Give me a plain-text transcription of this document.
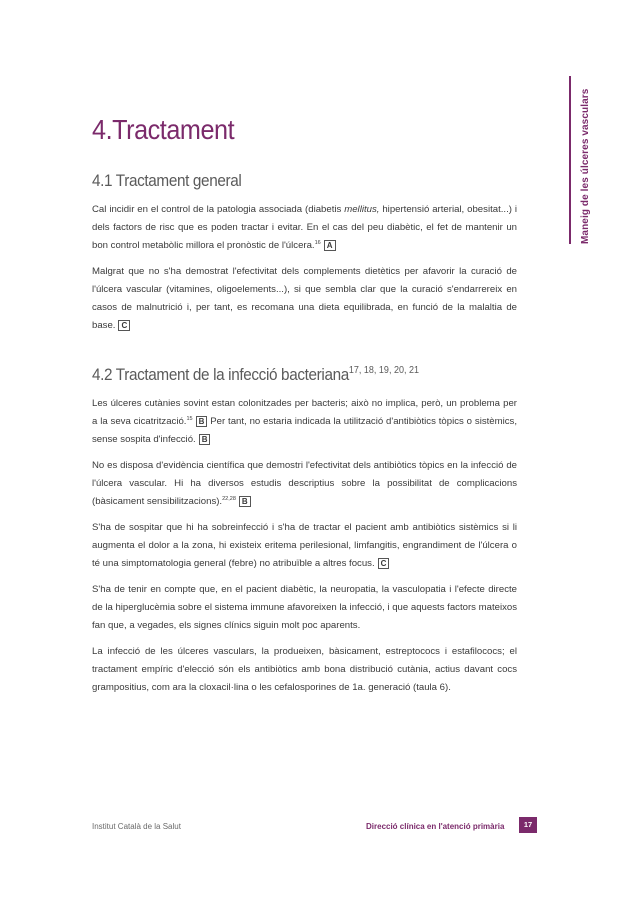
Maneig de les úlceres vasculars
4.Tractament
4.1 Tractament general

Cal incidir en el control de la patologia associada (diabetis mellitus, hipertensió arterial, obesitat...) i dels factors de risc que es poden tractar i evitar. En el cas del peu diabètic, el fet de mantenir un bon control metabòlic millora el pronòstic de l'úlcera.$^{16}$ A

Malgrat que no s'ha demostrat l'efectivitat dels complements dietètics per afavorir la curació de l'úlcera vascular (vitamines, oligoelements...), si que sembla clar que la curació s'endarrereix en casos de malnutrició i, per tant, es recomana una dieta equilibrada, en funció de la malaltia de base. C

4.2 Tractament de la infecció bacteriana$^{17, 18, 19, 20, 21}$

Les úlceres cutànies sovint estan colonitzades per bacteris; això no implica, però, un problema per a la seva cicatrització.$^{15}$ B Per tant, no estaria indicada la utilització d'antibiòtics tòpics o sistèmics, sense sospita d'infecció. B

No es disposa d'evidència científica que demostri l'efectivitat dels antibiòtics tòpics en la infecció de l'úlcera vascular. Hi ha diversos estudis descriptius sobre la possibilitat de complicacions (bàsicament sensibilitzacions).$^{22,28}$ B

S'ha de sospitar que hi ha sobreinfecció i s'ha de tractar el pacient amb antibiòtics sistèmics si li augmenta el dolor a la zona, hi existeix eritema perilesional, limfangitis, engrandiment de l'úlcera o té una simptomatologia general (febre) no atribuïble a altres focus. C

S'ha de tenir en compte que, en el pacient diabètic, la neuropatia, la vasculopatia i l'efecte directe de la hiperglucèmia sobre el sistema immune afavoreixen la infecció, i que aquests factors mateixos fan que, a vegades, els signes clínics siguin molt poc aparents.

La infecció de les úlceres vasculars, la produeixen, bàsicament, estreptococs i estafilococs; el tractament empíric d'elecció són els antibiòtics amb bona distribució cutània, actius davant cocs grampositius, com ara la cloxacil·lina o les cefalosporines de 1a. generació (taula 6).

Institut Català de la Salut	Direcció clínica en l'atenció primària	17
